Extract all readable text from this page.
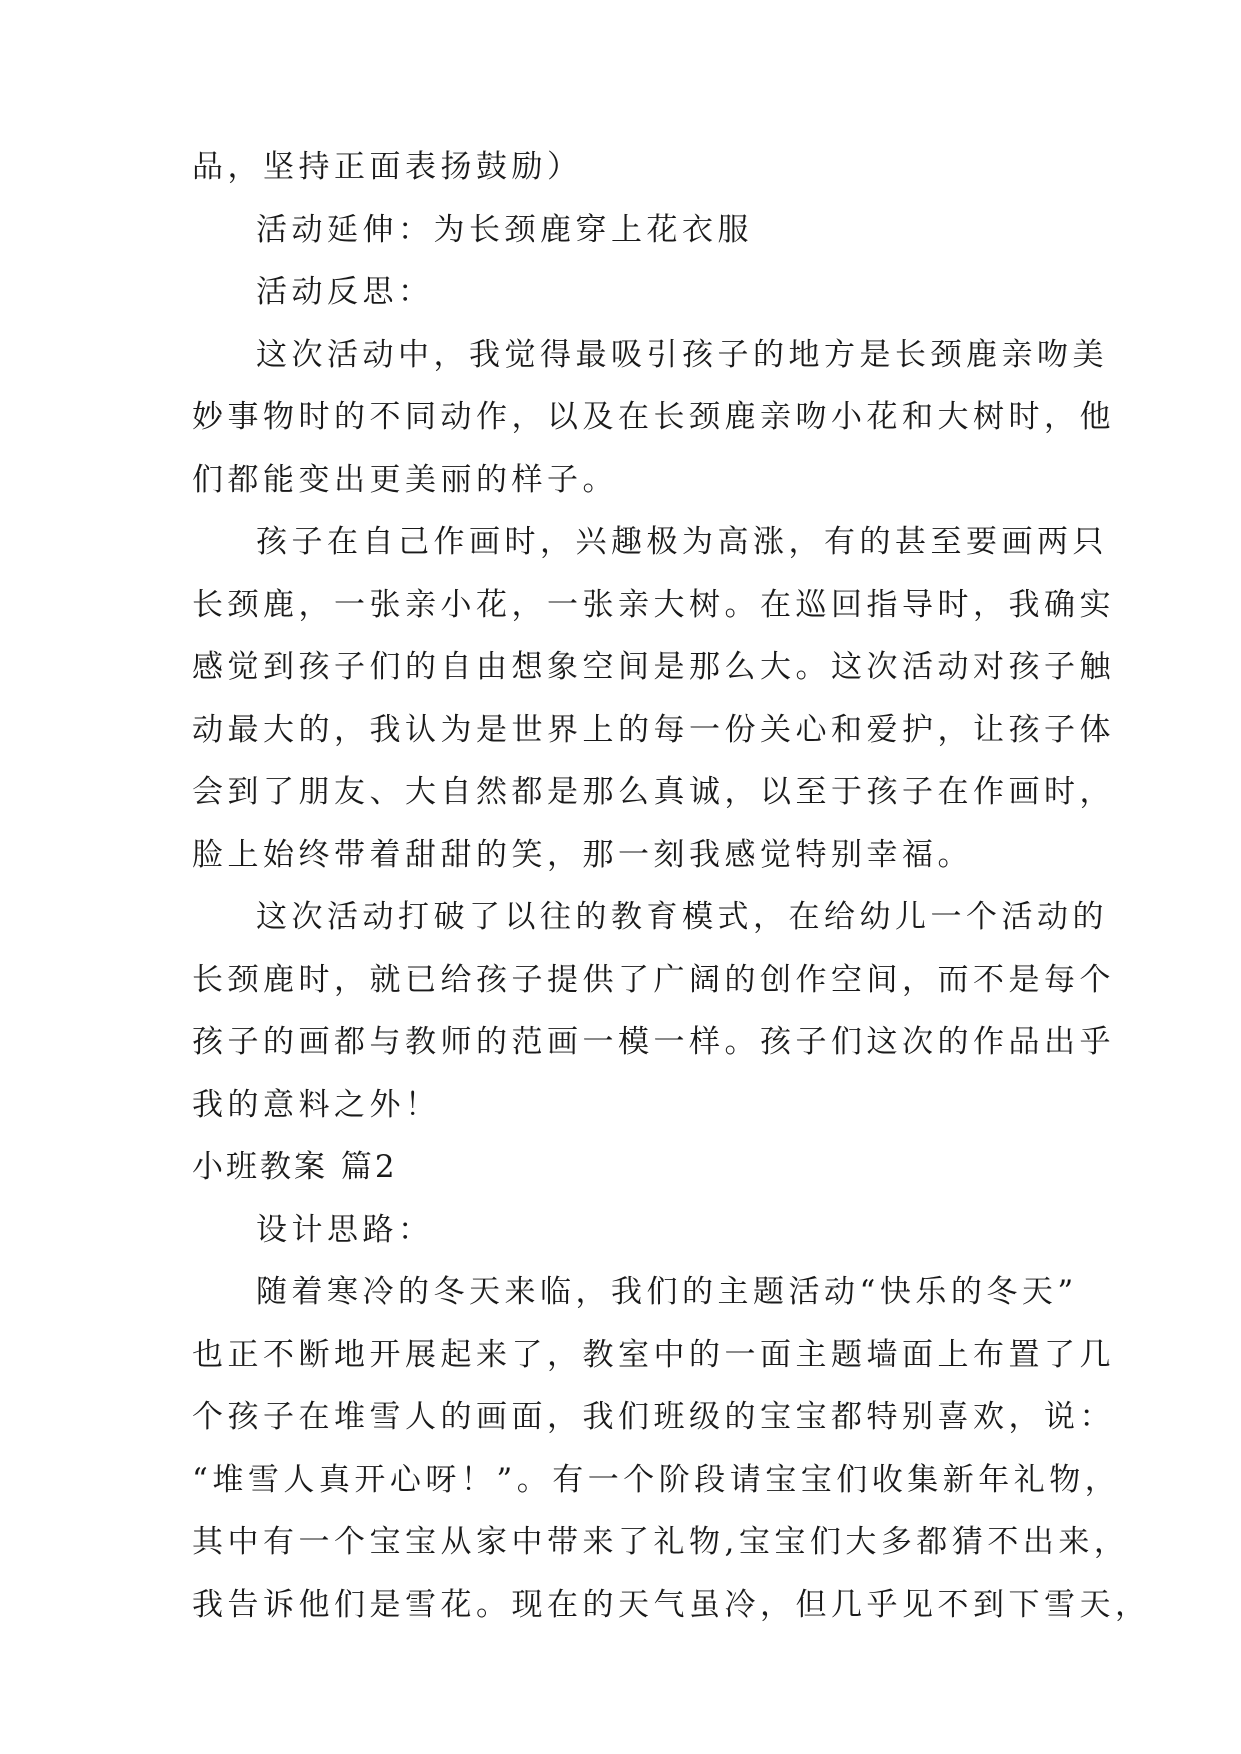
品，坚持正面表扬鼓励）
活动延伸：为长颈鹿穿上花衣服
活动反思：
这次活动中，我觉得最吸引孩子的地方是长颈鹿亲吻美
妙事物时的不同动作，以及在长颈鹿亲吻小花和大树时，他
们都能变出更美丽的样子。
孩子在自己作画时，兴趣极为高涨，有的甚至要画两只
长颈鹿，一张亲小花，一张亲大树。在巡回指导时，我确实
感觉到孩子们的自由想象空间是那么大。这次活动对孩子触
动最大的，我认为是世界上的每一份关心和爱护，让孩子体
会到了朋友、大自然都是那么真诚，以至于孩子在作画时，
脸上始终带着甜甜的笑，那一刻我感觉特别幸福。
这次活动打破了以往的教育模式，在给幼儿一个活动的
长颈鹿时，就已给孩子提供了广阔的创作空间，而不是每个
孩子的画都与教师的范画一模一样。孩子们这次的作品出乎
我的意料之外！
小班教案 篇2
设计思路：
随着寒冷的冬天来临，我们的主题活动“快乐的冬天”
也正不断地开展起来了，教室中的一面主题墙面上布置了几
个孩子在堆雪人的画面，我们班级的宝宝都特别喜欢，说：
“堆雪人真开心呀！”。有一个阶段请宝宝们收集新年礼物，
其中有一个宝宝从家中带来了礼物,宝宝们大多都猜不出来，
我告诉他们是雪花。现在的天气虽冷，但几乎见不到下雪天，
